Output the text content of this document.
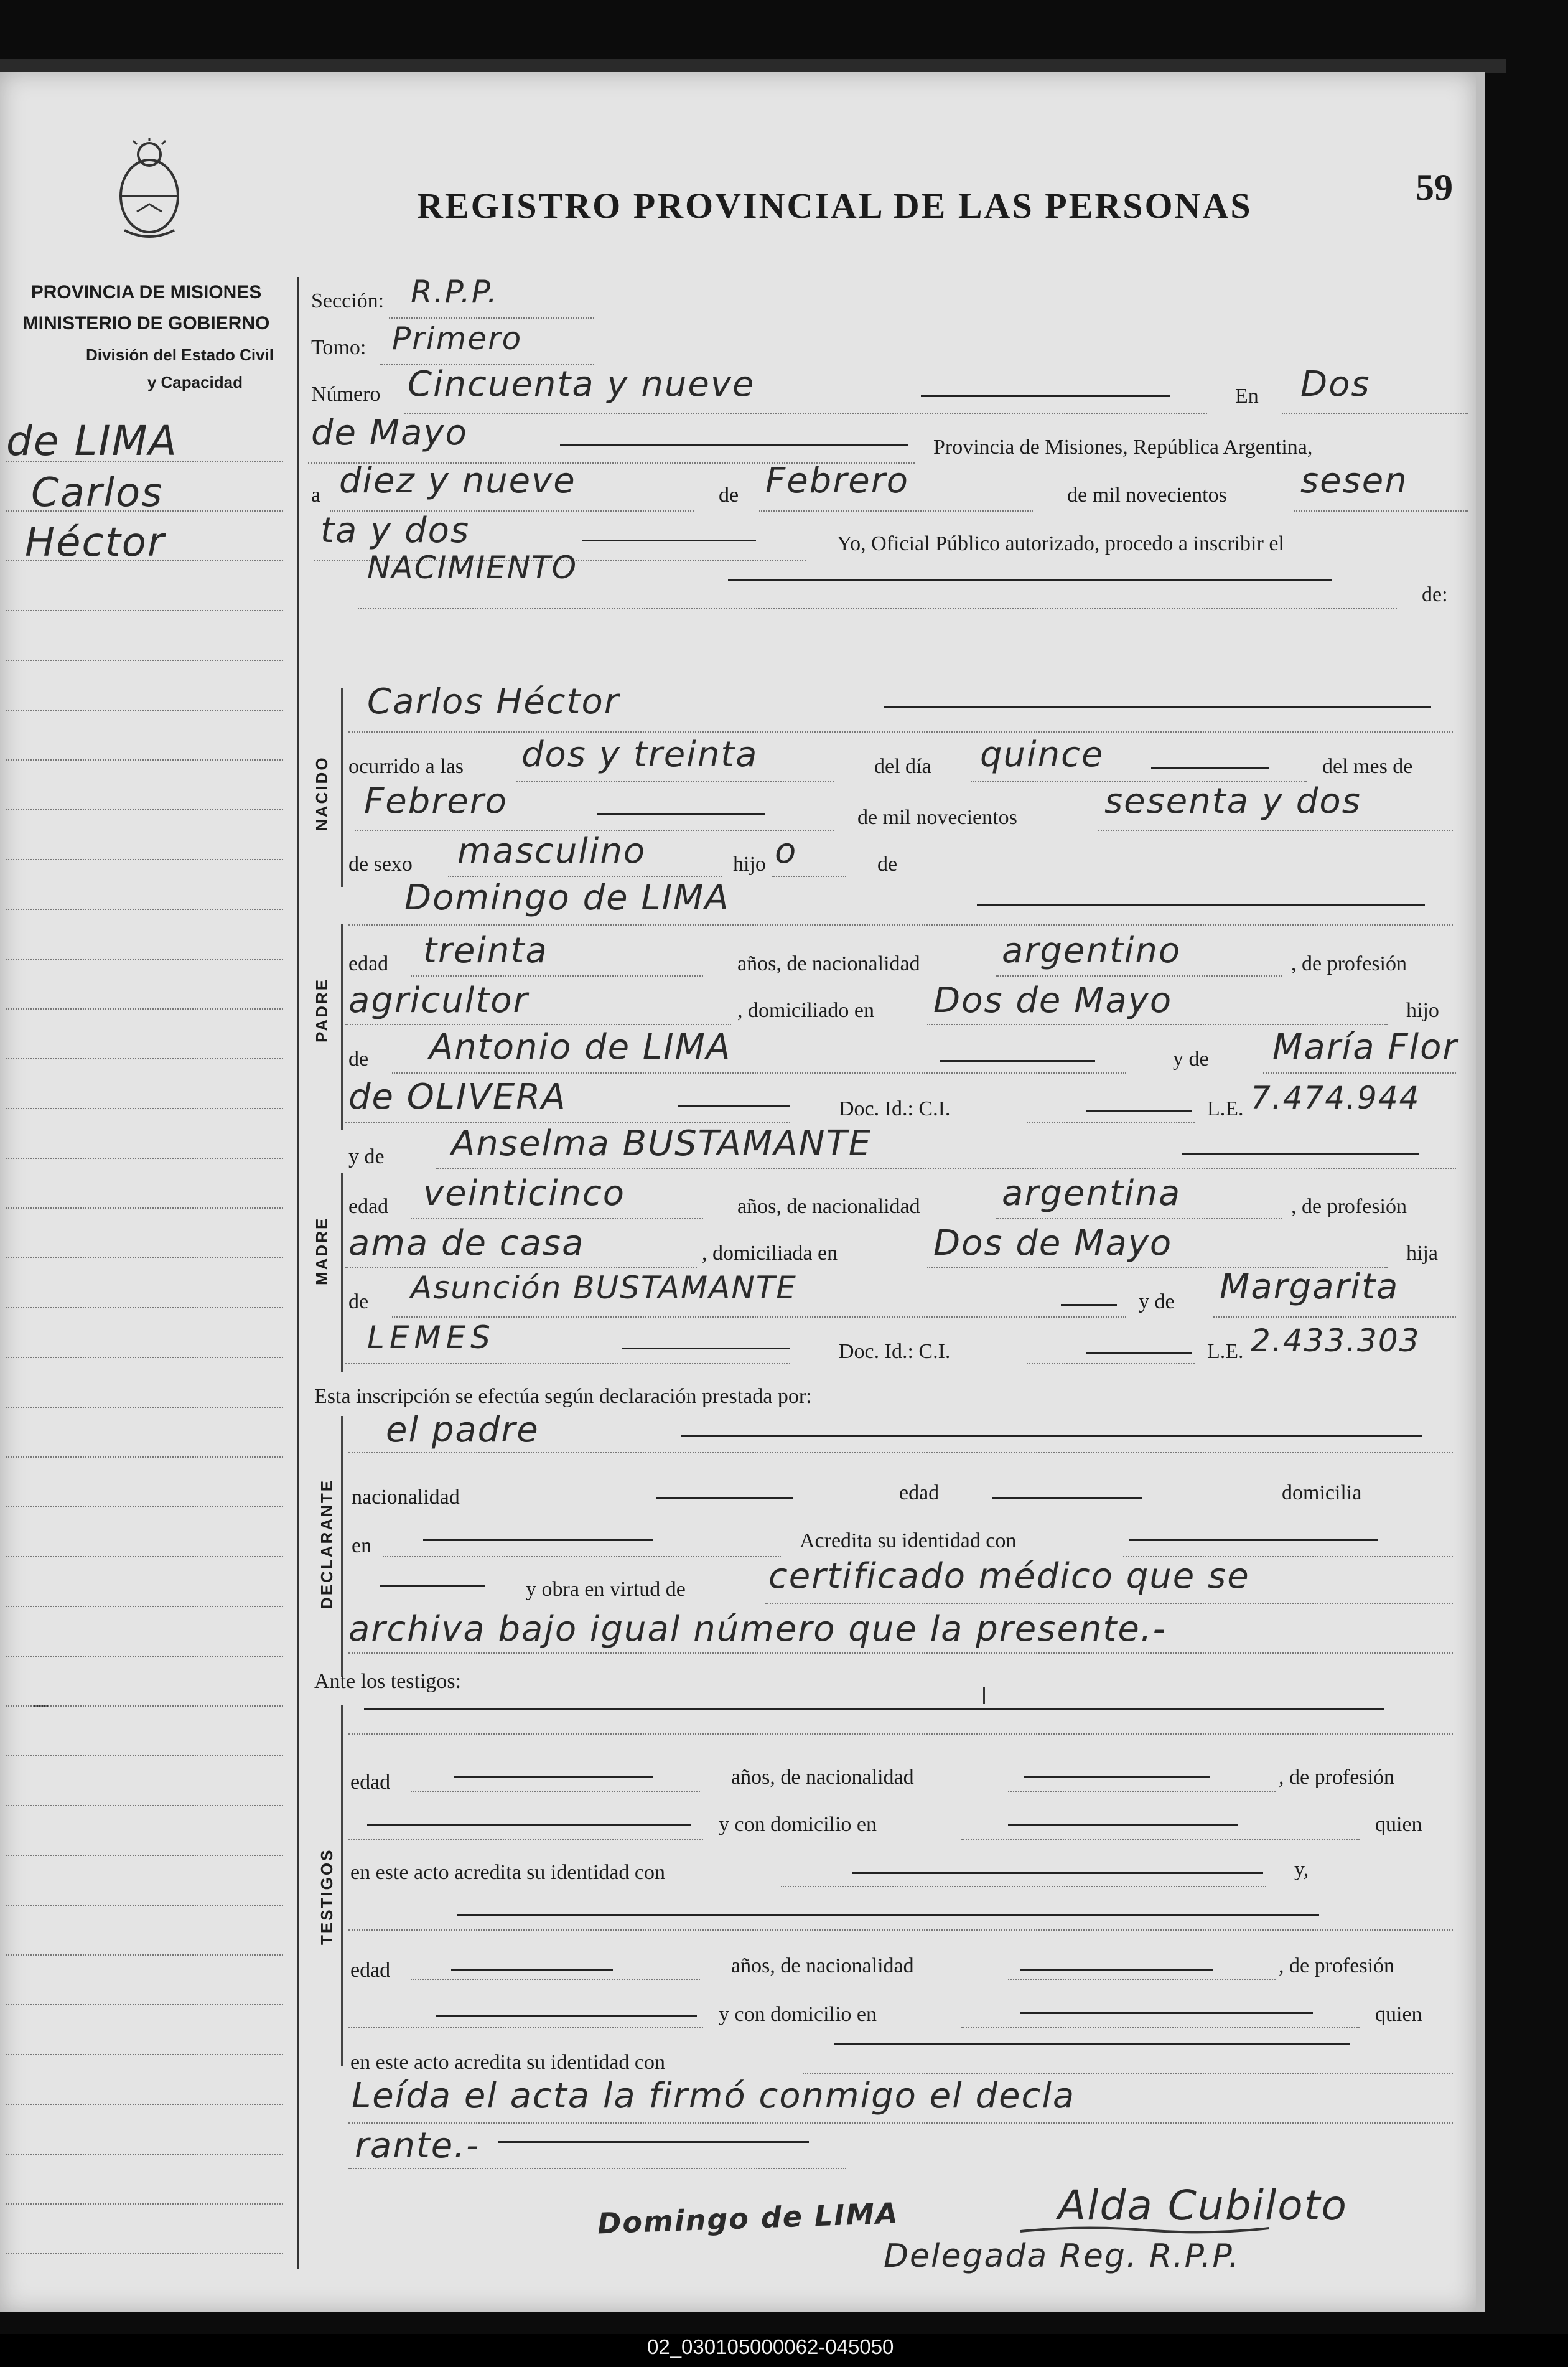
REGISTRO PROVINCIAL DE LAS PERSONAS	59
PROVINCIA DE MISIONES
MINISTERIO DE GOBIERNO
División del Estado Civil
y Capacidad
de LIMA
Carlos
Héctor
Sección: R.P.P.
Tomo: Primero
Número Cincuenta y nueve	En Dos
de Mayo	Provincia de Misiones, República Argentina,
a diez y nueve	de Febrero	de mil novecientos sesen
ta y dos	Yo, Oficial Público autorizado, procedo a inscribir el
NACIMIENTO
de:
NACIDO
Carlos Héctor
ocurrido a las dos y treinta	del día quince	del mes de
Febrero	de mil novecientos	sesenta y dos
de sexo masculino	hijo o	de
PADRE
Domingo de LIMA
edad treinta	años, de nacionalidad argentino	, de profesión
agricultor	, domiciliado en Dos de Mayo	hijo
de Antonio de LIMA	y de María Flor
de OLIVERA	Doc. Id.: C.I.	L.E. 7.474.944
y de Anselma BUSTAMANTE
MADRE
edad veinticinco	años, de nacionalidad argentina	, de profesión
ama de casa	, domiciliada en	Dos de Mayo	hija
de Asunción BUSTAMANTE	y de Margarita
LEMES	Doc. Id.: C.I.	L.E. 2.433.303
Esta inscripción se efectúa según declaración prestada por:
DECLARANTE
el padre
nacionalidad	edad	domicilia
en	Acredita su identidad con
y obra en virtud de certificado médico que se
archiva bajo igual número que la presente.-
Ante los testigos:
TESTIGOS
edad	años, de nacionalidad	, de profesión
y con domicilio en	quien
en este acto acredita su identidad con	y,
edad	años, de nacionalidad	, de profesión
y con domicilio en	quien
en este acto acredita su identidad con
Leída el acta la firmó conmigo el decla
rante.-
Domingo de LIMA	Alda Cubiloto
Delegada Reg. R.P.P.
02_030105000062-045050
